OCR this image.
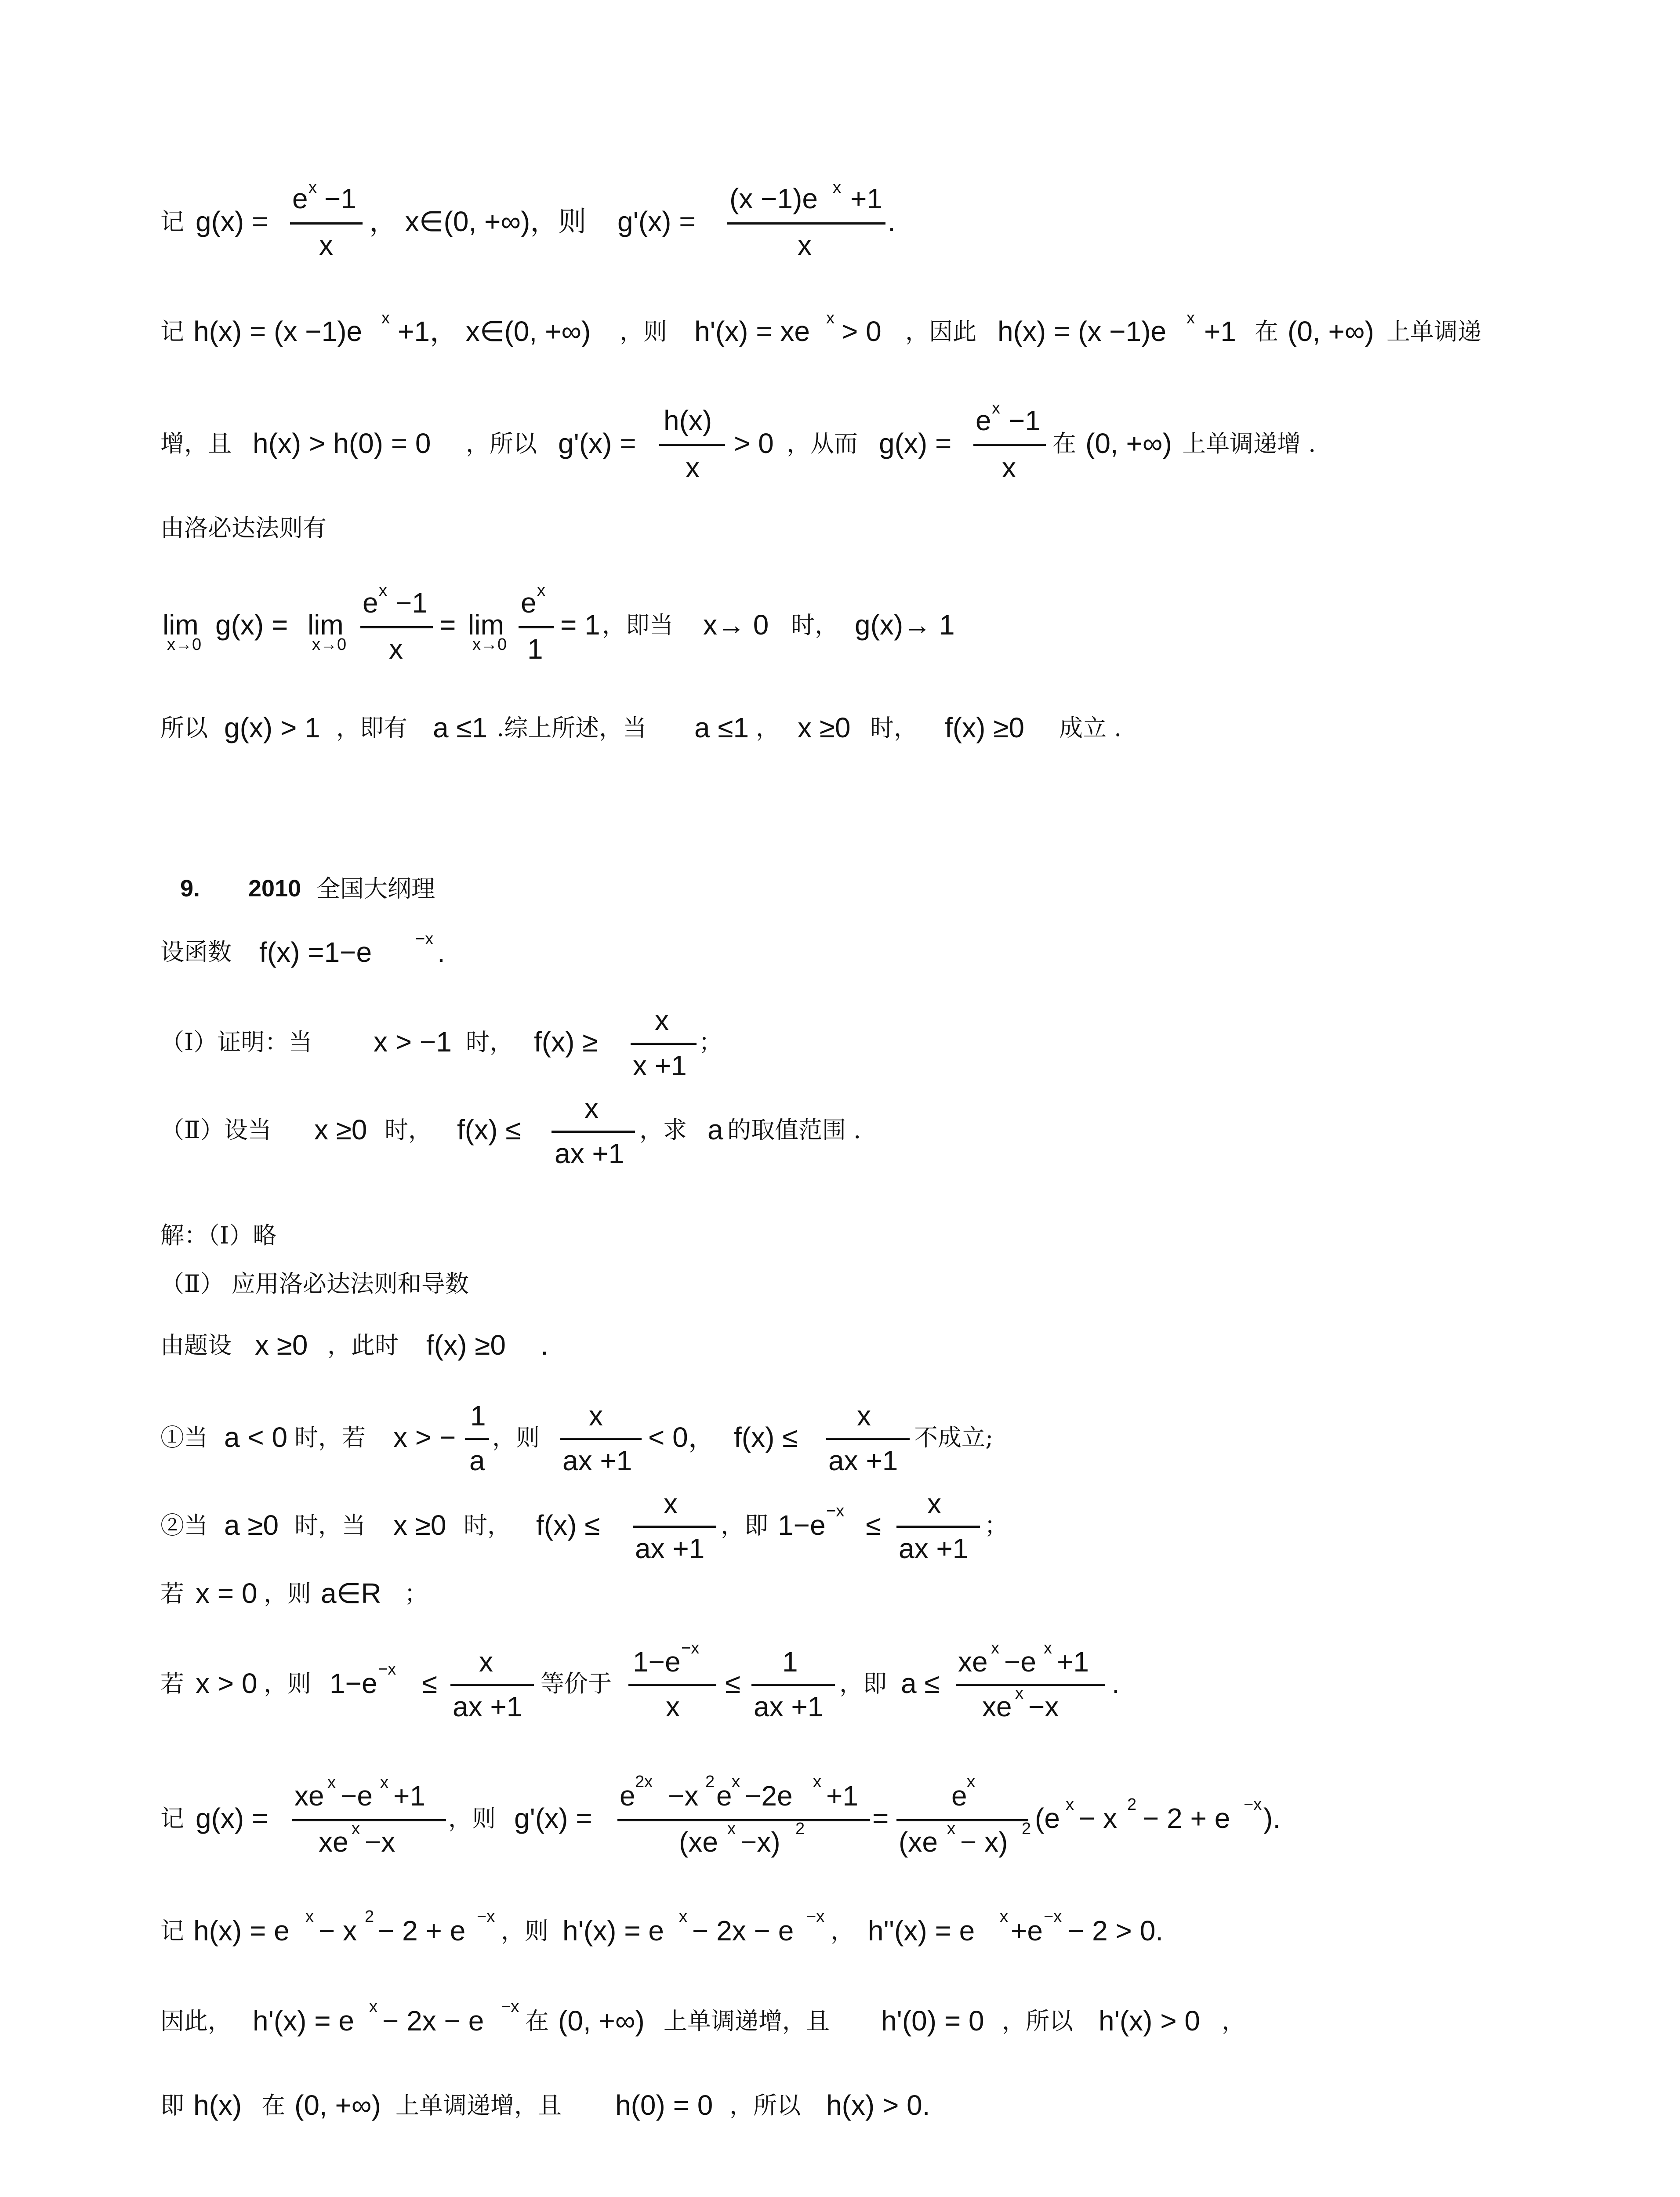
记 g(x) =
e x −1
x
， x∈(0, +∞)，则 g'(x) =
(x −1)e x +1
x
.
记 h(x) = (x −1)e x +1， x∈(0, +∞) ，则 h'(x) = xe x > 0 ，因此 h(x) = (x −1)e x +1 在 (0, +∞) 上单调递
增，且 h(x) > h(0) = 0 ，所以 g'(x) =
h(x)
x
> 0 ，从而 g(x) =
e x −1
x
在 (0, +∞) 上单调递增 .
由洛必达法则有
lim
x→0
g(x) = lim
x→0
e x −1
x
= lim
x→0
e x
1
= 1 ，即当 x→ 0 时， g(x)→ 1
所以 g(x) > 1 ，即有 a ≤1 .综上所述，当 a ≤1 ， x ≥0 时， f(x) ≥0 成立 .
9. 2010 全国大纲理
设函数 f(x) =1−e	−x .
（Ⅰ）证明：当 x > −1 时， f(x) ≥
x
x +1
；
（Ⅱ）设当 x ≥0 时， f(x) ≤
x
ax +1
，求 a 的取值范围 .
解：（Ⅰ）略
（Ⅱ） 应用洛必达法则和导数
由题设 x ≥0 ，此时 f(x) ≥0 .
①当 a < 0 时，若 x > −
1
a
，则
x
ax +1
< 0， f(x) ≤
x
ax +1
不成立;
②当 a ≥0 时，当 x ≥0 时， f(x) ≤
x
ax +1
，即 1−e −x ≤
x
ax +1
；
若 x = 0 ，则 a∈R ；
若 x > 0 ，则 1−e −x ≤
x
ax +1
等价于
1−e −x
x
≤
1
ax +1
，即 a ≤
xe x −e x +1
xe x −x
.
记 g(x) =
xe x −e x +1
xe x −x
，则 g'(x) =
e 2x −x 2 e x −2e x +1
(xe x −x) 2 =
e x
(xe x − x) 2 (e x − x 2 − 2 + e −x ).
记 h(x) = e x − x 2 − 2 + e −x
，则 h'(x) = e x − 2x − e −x
， h''(x) = e x +e −x − 2 > 0.
因此， h'(x) = e x − 2x − e −x
在 (0, +∞) 上单调递增，且 h'(0) = 0 ，所以 h'(x) > 0 ，
即 h(x) 在 (0, +∞) 上单调递增，且 h(0) = 0 ，所以 h(x) > 0.
